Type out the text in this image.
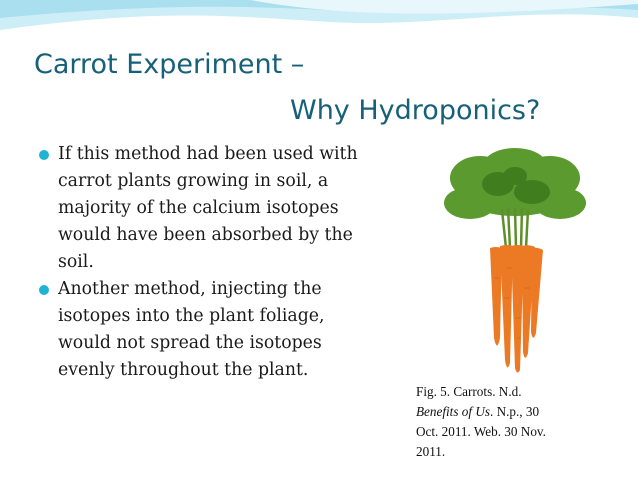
Carrot Experiment –
Why Hydroponics?
If this method had been used with
carrot plants growing in soil, a
majority of the calcium isotopes
would have been absorbed by the
soil.
Another method, injecting the
isotopes into the plant foliage,
would not spread the isotopes
evenly throughout the plant.
Fig. 5. Carrots. N.d.
Benefits of Us. N.p., 30
Oct. 2011. Web. 30 Nov.
2011.
